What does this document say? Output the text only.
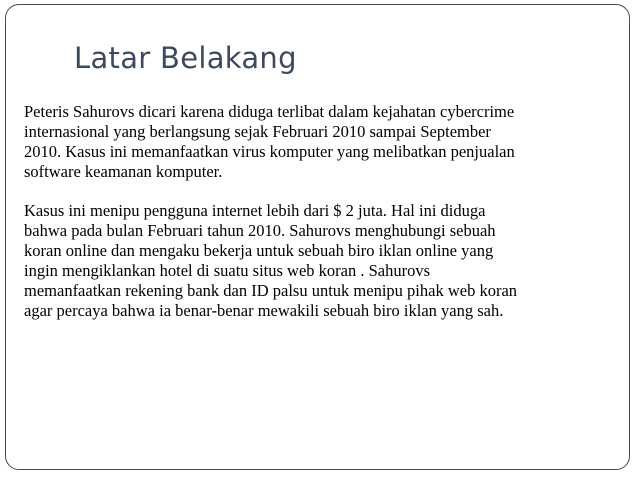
Latar Belakang

Peteris Sahurovs dicari karena diduga terlibat dalam kejahatan cybercrime
internasional yang berlangsung sejak Februari 2010 sampai September
2010. Kasus ini memanfaatkan virus komputer yang melibatkan penjualan
software keamanan komputer.

Kasus ini menipu pengguna internet lebih dari $ 2 juta. Hal ini diduga
bahwa pada bulan Februari tahun 2010. Sahurovs menghubungi sebuah
koran online dan mengaku bekerja untuk sebuah biro iklan online yang
ingin mengiklankan hotel di suatu situs web koran . Sahurovs
memanfaatkan rekening bank dan ID palsu untuk menipu pihak web koran
agar percaya bahwa ia benar-benar mewakili sebuah biro iklan yang sah.
